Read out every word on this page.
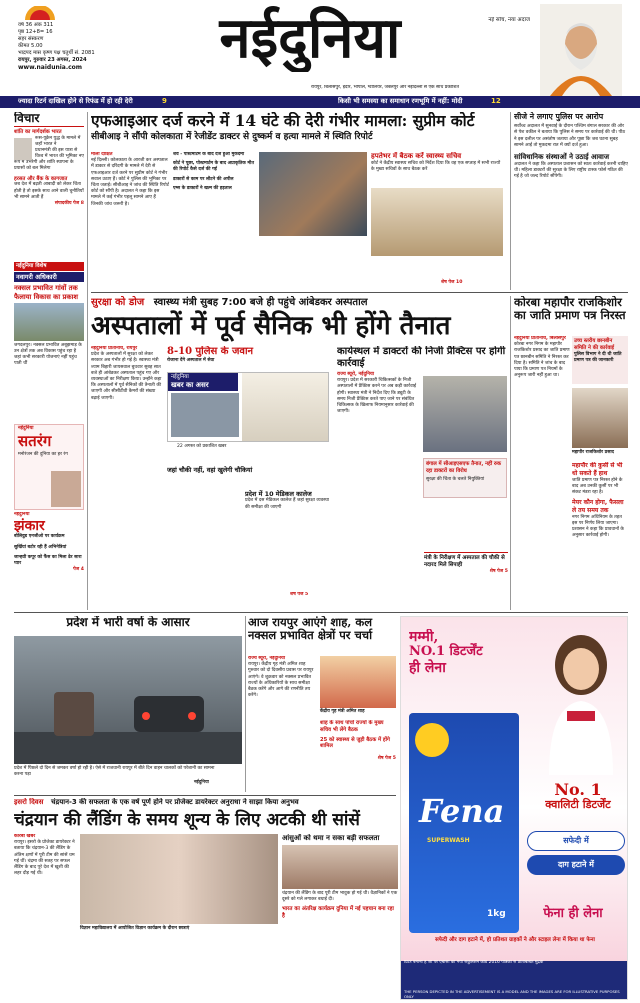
वर्ष 36 अंक 311
पृष्ठ 12+8= 16
सहर संस्करण
कीमत 5.00
भाद्रपद मास कृष्ण पक्ष चतुर्थी सं. 2081
रायपुर, गुरुवार 23 अगस्त, 2024
www.naidunia.com	नईदुनिया	नई सोच, नया अंदाज
रायपुर, बिलासपुर, इंदौर, भोपाल, ग्वालियर, जबलपुर और नईदिल्ली से एक साथ प्रकाशित
ज्यादा रिटर्न दाखिल होने से रिफंड में हो रही देरी	9	किसी भी समस्या का समाधान रणभूमि में नहीं: मोदी	12
विचार
शांति का मार्गदर्शक भारत
रूस-यूक्रेन युद्ध के मामले में जहाँ भारत ने
प्रधानमंत्री की इस यात्रा से विश्व में भारत की भूमिका नए रूप में उभरेगी और शांति स्थापना के प्रयासों को बल मिलेगा
हरसत और बैंक के कागजात
जब देश में बढ़ती आबादी को लेकर चिंता होती है तो इसके साथ आने वाली चुनौतियाँ भी सामने आती हैं
संपादकीय पेज 8
नईदुनिया विशेष
नवागरी अधिकारी
नक्सल प्रभावित गांवों तक फैलाया विकास का प्रकाश
जगदलपुर। नक्सल प्रभावित अबूझमाड़ के उन क्षेत्रों तक अब विकास पहुंच रहा है जहां कभी सरकारी योजनाएं नहीं पहुंच पाती थीं
नईदुनिया
सतरंग
मनोरंजन की दुनिया का हर रंग
नईदुनिया
झंकार
बोलिवुड एनजीओ पर कार्यक्रम
सुर्खियां बटोर रही हैं अभिनेत्रियां
जान्हवी कपूर को फैंस का मिला ढेर सारा प्यार
पेज 4
एफआइआर दर्ज करने में 14 घंटे की देरी गंभीर मामला: सुप्रीम कोर्ट
सीबीआइ ने सौंपी कोलकाता में रेजीडेंट डाक्टर से दुष्कर्म व हत्या मामले में स्थिति रिपोर्ट
माला दीक्षित
नई दिल्ली। कोलकाता के आरजी कर अस्पताल में डाक्टर से दरिंदगी के मामले में देरी से एफआइआर दर्ज करने पर सुप्रीम कोर्ट ने गंभीर सवाल उठाए हैं। कोर्ट ने पुलिस की भूमिका पर चिंता जताई। सीबीआइ ने जांच की स्थिति रिपोर्ट कोर्ट को सौंपी है। अदालत ने कहा कि इस मामले में कई गंभीर पहलू सामने आए हैं जिनकी जांच जरूरी है।
शव - पोस्टमार्टम के बाद दर्ज हुआ मुकदमा
कोर्ट ने पूछा, पोस्टमार्टम के बाद अप्राकृतिक मौत की रिपोर्ट कैसे दर्ज की गई
डाक्टरों से काम पर लौटने की अपील
एम्स के डाक्टरों ने खत्म की हड़ताल
हपतेभर में बैठक करें स्वास्थ्य सचिव
कोर्ट ने केंद्रीय स्वास्थ्य सचिव को निर्देश दिया कि वह एक सप्ताह में सभी राज्यों के मुख्य सचिवों के साथ बैठक करें
शेष पेज 10
सीजे ने लगाए पुलिस पर आरोप
सर्वोच्च अदालत में सुनवाई के दौरान पश्चिम बंगाल सरकार की ओर से पेश वकील ने बताया कि पुलिस ने समय पर कार्रवाई की थी। पीठ ने इस दलील पर असंतोष जताया और पूछा कि जब घटना सुबह सामने आई तो मुकदमा रात में क्यों दर्ज हुआ।
सांविधानिक संस्थाओं ने उठाई आवाज
अदालत ने कहा कि अस्पताल प्रशासन को स्वतः कार्रवाई करनी चाहिए थी। महिला डाक्टरों की सुरक्षा के लिए राष्ट्रीय टास्क फोर्स गठित की गई है जो जल्द रिपोर्ट सौंपेगी।
सुरक्षा को डोज स्वास्थ्य मंत्री सुबह 7:00 बजे ही पहुंचे आंबेडकर अस्पताल
अस्पतालों में पूर्व सैनिक भी होंगे तैनात
नईदुनिया प्रतिनिधि, रायपुर
प्रदेश के अस्पतालों में सुरक्षा को लेकर सरकार अब गंभीर हो गई है। स्वास्थ्य मंत्री श्याम बिहारी जायसवाल बुधवार सुबह सात बजे ही आंबेडकर अस्पताल पहुंच गए और व्यवस्थाओं का निरीक्षण किया। उन्होंने कहा कि अस्पतालों में पूर्व सैनिकों की तैनाती की जाएगी और सीसीटीवी कैमरों की संख्या बढ़ाई जाएगी।
8-10 पुलिस के जवान
रोजाना देंगे अस्पताल में सेवा
नईदुनिया
खबर का असर
22 अगस्त को प्रकाशित खबर
जहां चौकी नहीं, वहां खुलेगी चौकियां
प्रदेश में 10 मेडिकल कालेज
प्रदेश में दस मेडिकल कालेज हैं जहां सुरक्षा व्यवस्था की समीक्षा की जाएगी
कार्यस्थल में डाक्टरों की निजी प्रैक्टिस पर होगी कार्रवाई
राज्य ब्यूरो, नईदुनिया
रायपुर। प्रदेश में सरकारी चिकित्सकों के निजी अस्पतालों में प्रैक्टिस करने पर अब कड़ी कार्रवाई होगी। स्वास्थ्य मंत्री ने निर्देश दिए कि ड्यूटी के समय निजी प्रैक्टिस करते पाए जाने पर संबंधित चिकित्सक के खिलाफ नियमानुसार कार्रवाई की जाएगी।
बंगाल में सीआइएसएफ तैनात, नहीं रुक रहा डाक्टरों का विरोध
सुरक्षा की चिंता के चलते नियुक्तियां
मंत्री के निरीक्षण में अस्पताल की चौकी से नदारद मिले सिपाही
शेष पेज 5
शेष पेज 5
कोरबा महापौर राजकिशोर का जाति प्रमाण पत्र निरस्त
नईदुनिया प्रतिनिधि, बिलासपुर
कोरबा नगर निगम के महापौर राजकिशोर प्रसाद का जाति प्रमाण पत्र छानबीन समिति ने निरस्त कर दिया है। समिति ने जांच के बाद पाया कि प्रमाण पत्र नियमों के अनुरूप जारी नहीं हुआ था।
उच्च स्तरीय छानबीन समिति ने की कार्रवाई
पुलिस विभाग ने दी थी जाति प्रमाण पत्र की जानकारी
महापौर राजकिशोर प्रसाद
महापौर की कुर्सी से भी धो सकते हैं हाथ
जाति प्रमाण पत्र निरस्त होने के बाद अब उनकी कुर्सी पर भी संकट मंडरा रहा है।
मेयर कौन होगा, फैसला ले तय समय तक
नगर निगम अधिनियम के तहत इस पर निर्णय लिया जाएगा। प्रशासन ने कहा कि प्रावधानों के अनुसार कार्रवाई होगी।
प्रदेश में भारी वर्षा के आसार
प्रदेश में पिछले दो दिन से जमकर वर्षा हो रही है। ऐसे में राजधानी रायपुर में बीते दिन वाहन चालकों को परेशानी का सामना करना पड़ा
नईदुनिया
आज रायपुर आएंगे शाह, कल नक्सल प्रभावित क्षेत्रों पर चर्चा
राज्य ब्यूरो, नईदुनिया
रायपुर। केंद्रीय गृह मंत्री अमित शाह गुरुवार को दो दिवसीय प्रवास पर रायपुर आएंगे। वे शुक्रवार को नक्सल प्रभावित राज्यों के अधिकारियों के साथ समीक्षा बैठक करेंगे और आगे की रणनीति तय करेंगे।
केंद्रीय गृह मंत्री अमित शाह
शाह के साथ पांचों राज्यों के मुख्य सचिव भी लेंगे बैठक
25 को स्वास्थ्य से जुड़ी बैठक में होंगे शामिल
शेष पेज 5
मम्मी,
NO.1 डिटर्जेंट
ही लेना
Fena
SUPERWASH
1kg
No. 1
क्वालिटी डिटर्जेंट
सफेदी में
दाग हटाने में
फेना ही लेना
सफेदी और दाग हटाने में, हो प्रतिशत ग्राहकों ने और स्टाइल लेना में किया था फेना
इसरो दिवस चंद्रयान-3 की सफलता के एक वर्ष पूर्ण होने पर प्रोजेक्ट डायरेक्टर अनुराधा ने साझा किया अनुभव
चंद्रयान की लैंडिंग के समय शून्य के लिए अटकी थी सांसें
कोरबा खबर
रायपुर। इसरो के प्रोजेक्ट डायरेक्टर ने बताया कि चंद्रयान-3 की लैंडिंग के अंतिम क्षणों में पूरी टीम की सांसें थम गई थीं। चंद्रमा की सतह पर सफल लैंडिंग के बाद पूरे देश में खुशी की लहर दौड़ गई थी।
विज्ञान महाविद्यालय में आयोजित विज्ञान कार्यक्रम के दौरान छात्राएं
आंसुओं को थमा न सका बड़ी सफलता
चंद्रयान की लैंडिंग के बाद पूरी टीम भावुक हो गई थी। वैज्ञानिकों ने एक दूसरे को गले लगाकर बधाई दी।
भारत का अंतरिक्ष कार्यक्रम दुनिया में नई पहचान बना रहा है
प्रिंटर बनाना है जो पर एबीसी का नया सर्कुलेशन कोड 2016 पत्रिका से प्रतिबिंबित मुद्रक
THE PERSON DEPICTED IN THE ADVERTISEMENT IS A MODEL AND THE IMAGES ARE FOR ILLUSTRATIVE PURPOSES ONLY
